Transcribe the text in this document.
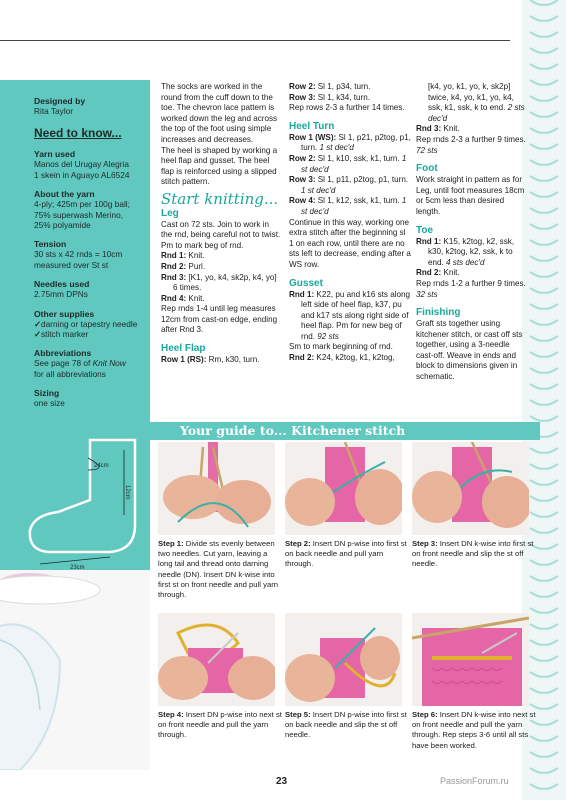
Designed by
Rita Taylor
Need to know...
Yarn used
Manos del Urugay Alegria
1 skein in Aguayo AL6524
About the yarn
4-ply; 425m per 100g ball;
75% superwash Merino,
25% polyamide
Tension
30 sts x 42 rnds = 10cm
measured over St st
Needles used
2.75mm DPNs
Other supplies
✓ darning or tapestry needle
✓ stitch marker
Abbreviations
See page 78 of Knit Now
for all abbreviations
Sizing
one size
24cm
12cm
23cm

The socks are worked in the round from the cuff down to the toe. The chevron lace pattern is worked down the leg and across the top of the foot using simple increases and decreases.

The heel is shaped by working a heel flap and gusset. The heel flap is reinforced using a slipped stitch pattern.

Start knitting...
Leg

Cast on 72 sts. Join to work in the rnd, being careful not to twist. Pm to mark beg of rnd.

Rnd 1: Knit.

Rnd 2: Purl.

Rnd 3: [K1, yo, k4, sk2p, k4, yo] 6 times.

Rnd 4: Knit.

Rep rnds 1-4 until leg measures 12cm from cast-on edge, ending after Rnd 3.

Heel Flap

Row 1 (RS): Rm, k30, turn.

Row 2: Sl 1, p34, turn.

Row 3: Sl 1, k34, turn.

Rep rows 2-3 a further 14 times.

Heel Turn

Row 1 (WS): Sl 1, p21, p2tog, p1, turn. 1 st dec'd

Row 2: Sl 1, k10, ssk, k1, turn. 1 st dec'd

Row 3: Sl 1, p11, p2tog, p1, turn. 1 st dec'd

Row 4: Sl 1, k12, ssk, k1, turn. 1 st dec'd

Continue in this way, working one extra stitch after the beginning sl 1 on each row, until there are no sts left to decrease, ending after a WS row.

Gusset

Rnd 1: K22, pu and k16 sts along left side of heel flap, k37, pu and k17 sts along right side of heel flap. Pm for new beg of rnd. 92 sts

Sm to mark beginning of rnd.

Rnd 2: K24, k2tog, k1, k2tog,

[k4, yo, k1, yo, k, sk2p] twice, k4, yo, k1, yo, k4, ssk, k1, ssk, k to end. 2 sts dec'd

Rnd 3: Knit.

Rep rnds 2-3 a further 9 times. 72 sts

Foot

Work straight in pattern as for Leg, until foot measures 18cm or 5cm less than desired length.

Toe

Rnd 1: K15, k2tog, k2, ssk, k30, k2tog, k2, ssk, k to end. 4 sts dec'd

Rnd 2: Knit.

Rep rnds 1-2 a further 9 times. 32 sts

Finishing

Graft sts together using kitchener stitch, or cast off sts together, using a 3-needle cast-off. Weave in ends and block to dimensions given in schematic.

Your guide to... Kitchener stitch
Step 1: Divide sts evenly between two needles. Cut yarn, leaving a long tail and thread onto darning needle (DN). Insert DN k-wise into first st on front needle and pull yarn through.
Step 2: Insert DN p-wise into first st on back needle and pull yarn through.
Step 3: Insert DN k-wise into first st on front needle and slip the st off needle.
Step 4: Insert DN p-wise into next st on front needle and pull the yarn through.
Step 5: Insert DN p-wise into first st on back needle and slip the st off needle.
Step 6: Insert DN k-wise into next st on front needle and pull the yarn through. Rep steps 3-6 until all sts have been worked.
23	PassionForum.ru
